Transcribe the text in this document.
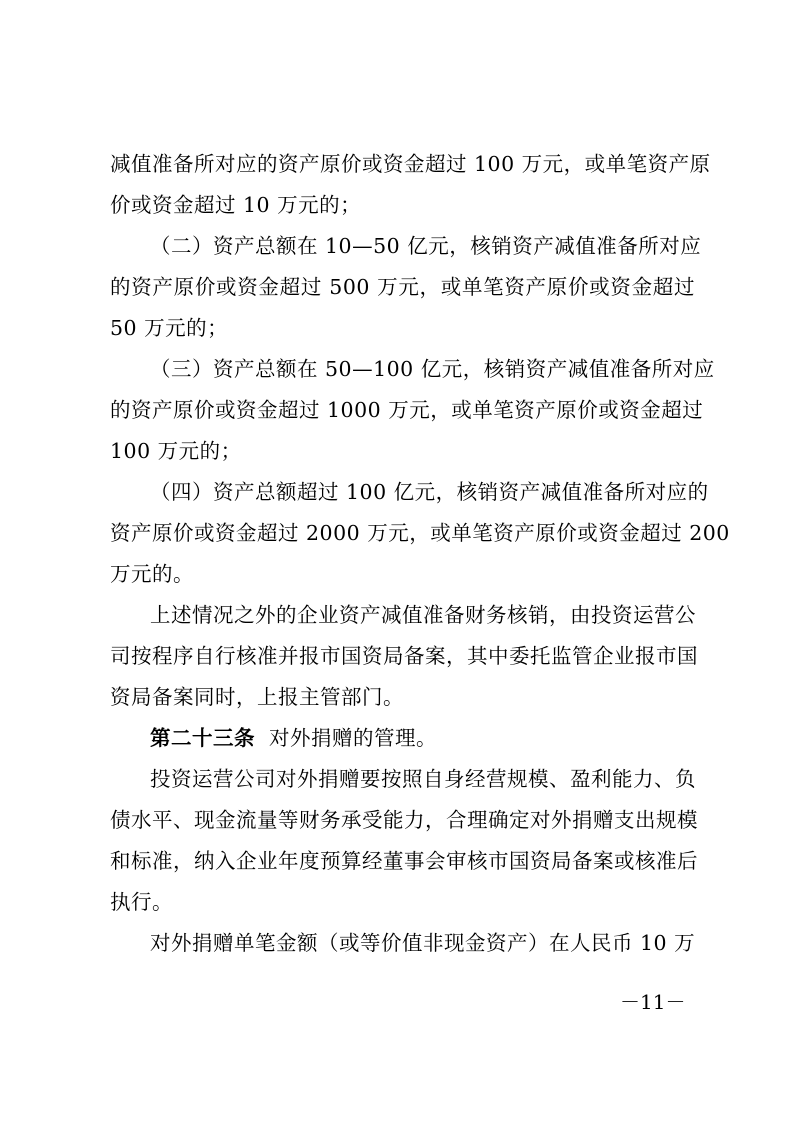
减值准备所对应的资产原价或资金超过 100 万元，或单笔资产原
价或资金超过 10 万元的；
（二）资产总额在 10—50 亿元，核销资产减值准备所对应
的资产原价或资金超过 500 万元，或单笔资产原价或资金超过
50 万元的；
（三）资产总额在 50—100 亿元，核销资产减值准备所对应
的资产原价或资金超过 1000 万元，或单笔资产原价或资金超过
100 万元的；
（四）资产总额超过 100 亿元，核销资产减值准备所对应的
资产原价或资金超过 2000 万元，或单笔资产原价或资金超过 200
万元的。
上述情况之外的企业资产减值准备财务核销，由投资运营公
司按程序自行核准并报市国资局备案，其中委托监管企业报市国
资局备案同时，上报主管部门。
第二十三条 对外捐赠的管理。
投资运营公司对外捐赠要按照自身经营规模、盈利能力、负
债水平、现金流量等财务承受能力，合理确定对外捐赠支出规模
和标准，纳入企业年度预算经董事会审核市国资局备案或核准后
执行。
对外捐赠单笔金额（或等价值非现金资产）在人民币 10 万
－11－
